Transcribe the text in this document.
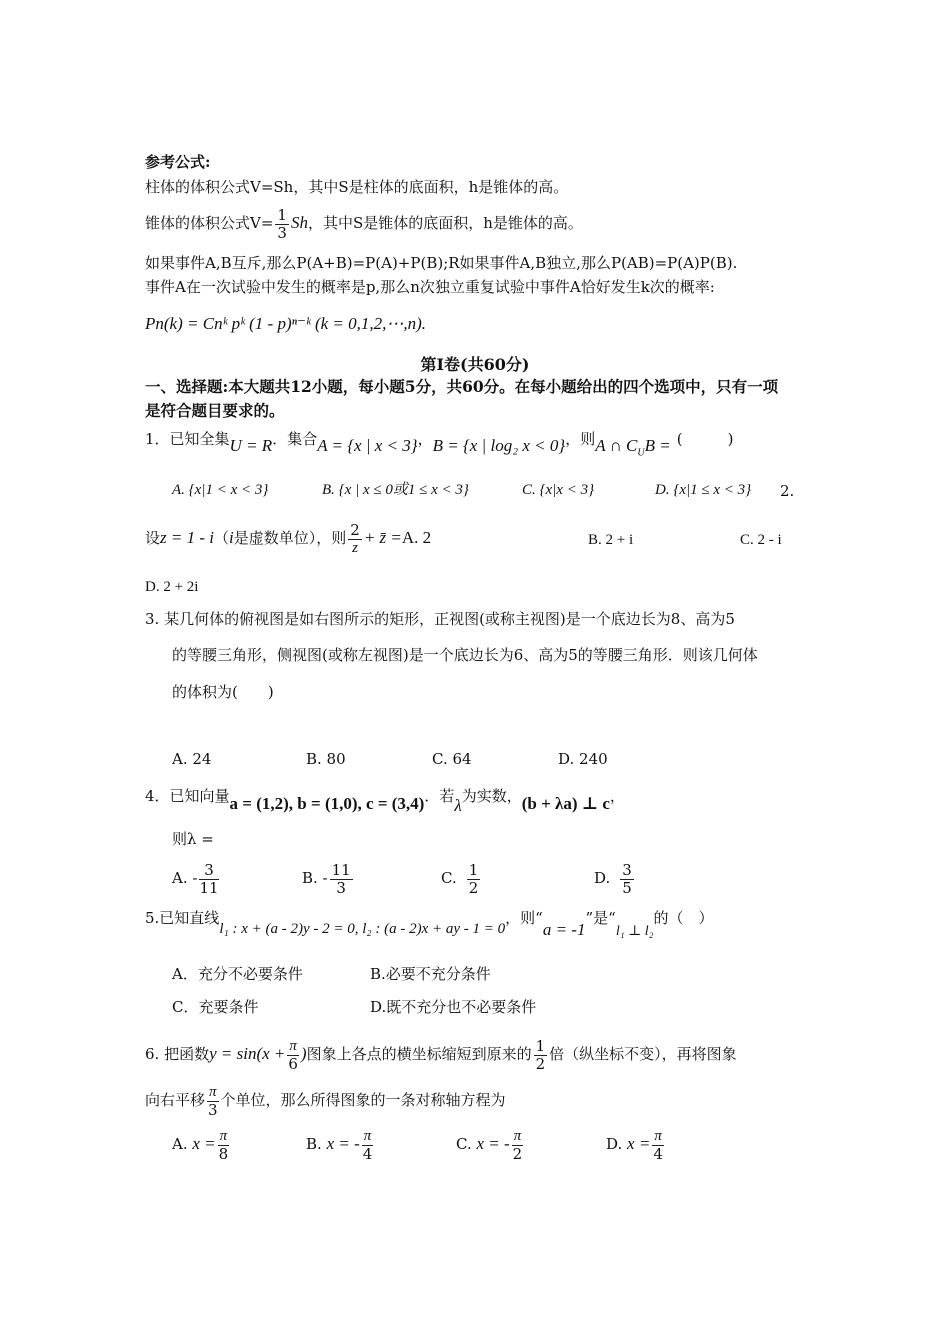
参考公式:
柱体的体积公式V=Sh，其中S是柱体的底面积，h是锥体的高。
锥体的体积公式$V= \frac{1}{3}$ Sh，其中S是锥体的底面积，h是锥体的高。
如果事件A,B互斥,那么P(A+B)=P(A)+P(B);R如果事件A,B独立,那么P(AB)=P(A)P(B).
事件A在一次试验中发生的概率是p,那么n次独立重复试验中事件A恰好发生k次的概率:
Pn(k) = Cnᵏ pᵏ (1 - p)ⁿ⁻ᵏ (k = 0,1,2,⋯,n).
第Ⅰ卷(共60分)
一、选择题:本大题共12小题，每小题5分，共60分。在每小题给出的四个选项中，只有一项
是符合题目要求的。
1．已知全集U = R．集合A = {x | x < 3}，B = {x | log₂ x < 0}，则A ∩ $C_UB$ = (　　　)
A. {x|1 < x < 3}	B. {x | x ≤ 0或1 ≤ x < 3}	C. {x|x < 3}	D. {x|1 ≤ x < 3} 2.
设z = 1 - i（i是虚数单位），则 $\frac{2}{z}$ + z̄ =A. 2	B. 2 + i	C. 2 - i
D. 2 + 2i
3. 某几何体的俯视图是如右图所示的矩形，正视图(或称主视图)是一个底边长为8、高为5
的等腰三角形，侧视图(或称左视图)是一个底边长为6、高为5的等腰三角形．则该几何体
的体积为(　　)
A. 24	B. 80	C. 64	D. 240
4．已知向量a = (1,2), b = (1,0), c = (3,4)．若λ为实数，(b + λa) ⊥ c，
则λ =
A. - $\frac{3}{11}$	B. - $\frac{11}{3}$	C. $\frac{1}{2}$	D. $\frac{3}{5}$
5.已知直线l₁ : x + (a - 2)y - 2 = 0, l₂ : (a - 2)x + ay - 1 = 0，则“a = -1”是“l₁ ⊥ l₂的（　）
A．充分不必要条件	B.必要不充分条件
C．充要条件	D.既不充分也不必要条件
6. 把函数$y = \sin(x + \frac{\pi}{6}$ )图象上各点的横坐标缩短到原来的 $\frac{1}{2}$ 倍（纵坐标不变），再将图象
向右平移 $\frac{\pi}{3}$ 个单位，那么所得图象的一条对称轴方程为
A. $x = \frac{\pi}{8}$	B. x = - $\frac{\pi}{4}$	C. x = - $\frac{\pi}{2}$	D. $x = \frac{\pi}{4}$
